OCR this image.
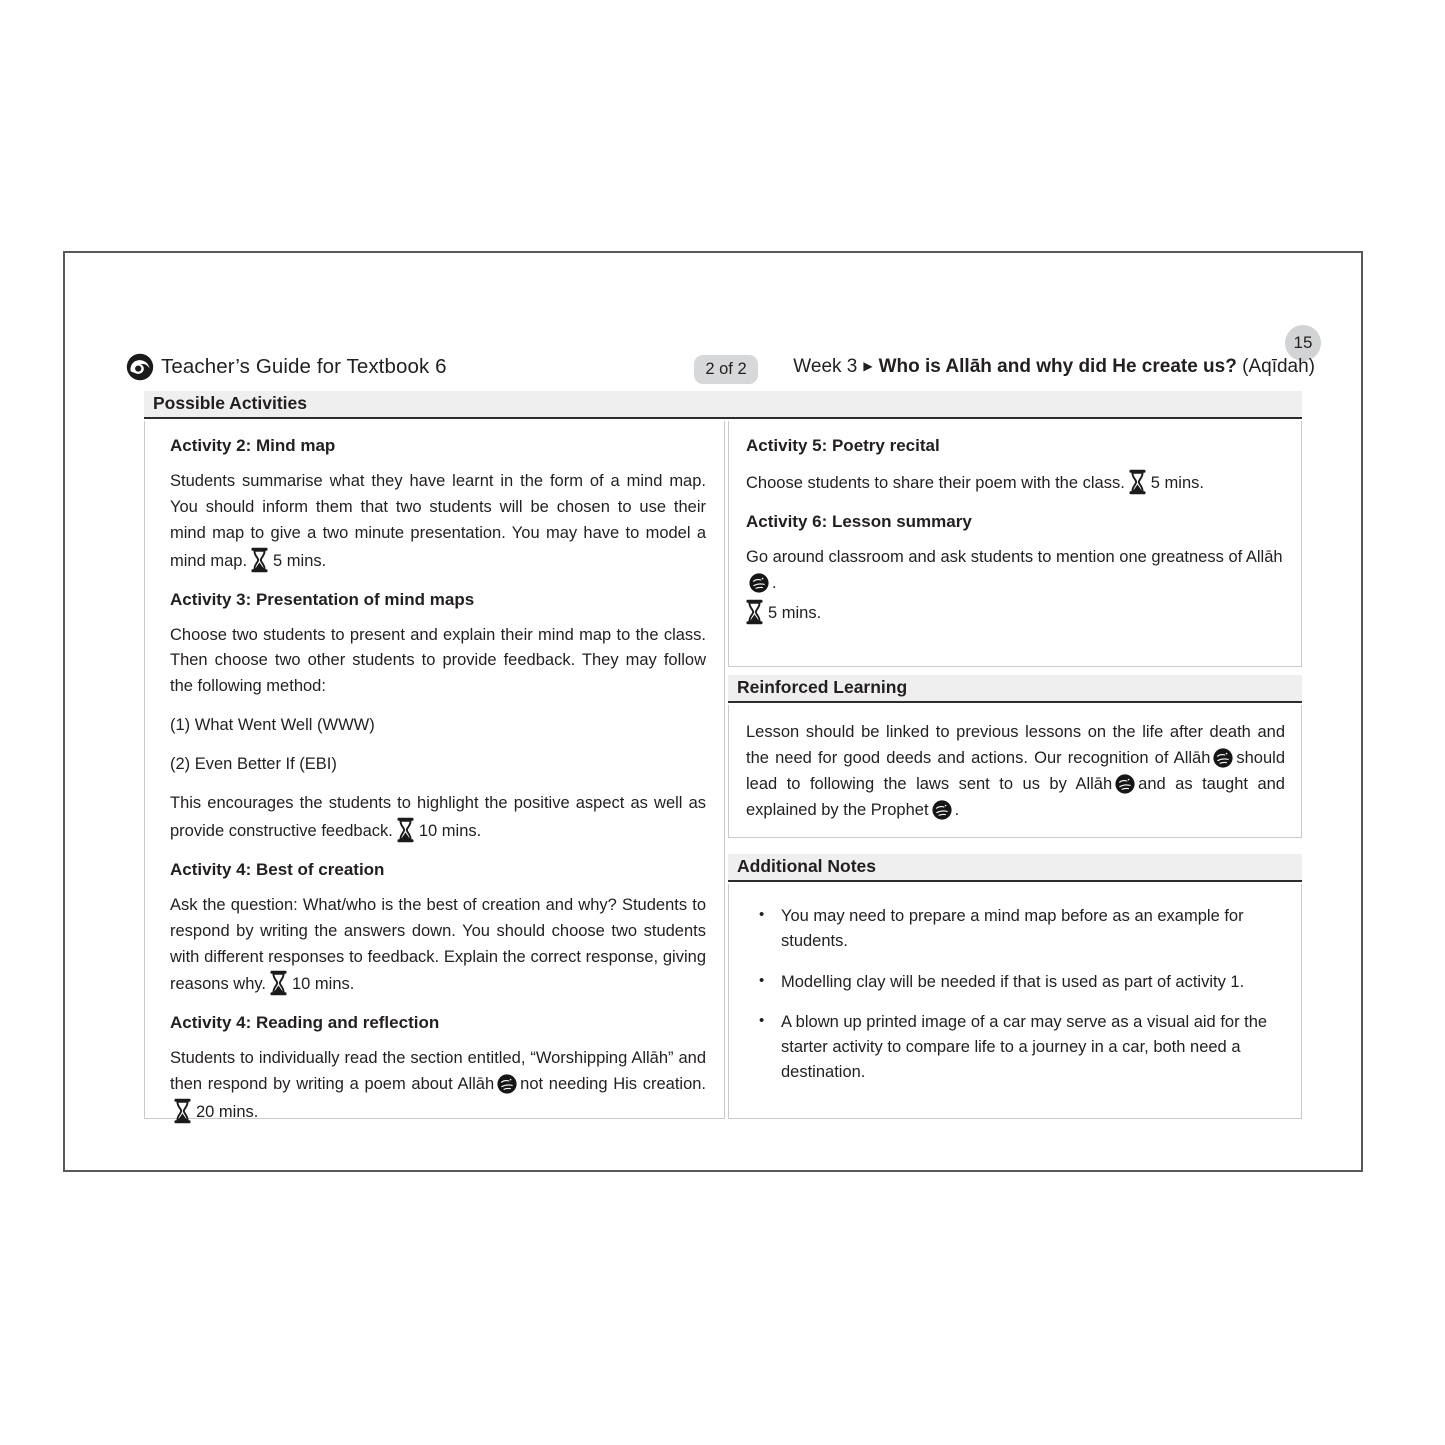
15
Teacher’s Guide for Textbook 6	2 of 2	Week 3 ▶ Who is Allāh and why did He create us? (Aqīdah)
Possible Activities
Activity 2: Mind map

Students summarise what they have learnt in the form of a mind map. You should inform them that two students will be chosen to use their mind map to give a two minute presentation. You may have to model a mind map. 5 mins.

Activity 3: Presentation of mind maps

Choose two students to present and explain their mind map to the class. Then choose two other students to provide feedback. They may follow the following method:

(1) What Went Well (WWW)

(2) Even Better If (EBI)

This encourages the students to highlight the positive aspect as well as provide constructive feedback. 10 mins.

Activity 4: Best of creation

Ask the question: What/who is the best of creation and why? Students to respond by writing the answers down. You should choose two students with different responses to feedback. Explain the correct response, giving reasons why. 10 mins.

Activity 4: Reading and reflection

Students to individually read the section entitled, “Worshipping Allāh” and then respond by writing a poem about Allāh not needing His creation.20 mins.

Activity 5: Poetry recital

Choose students to share their poem with the class. 5 mins.

Activity 6: Lesson summary

Go around classroom and ask students to mention one greatness of Allāh.

5 mins.

Reinforced Learning

Lesson should be linked to previous lessons on the life after death and the need for good deeds and actions. Our recognition of Allāh should lead to following the laws sent to us by Allāh and as taught and explained by the Prophet .

Additional Notes
•	You may need to prepare a mind map before as an example for students.
•	Modelling clay will be needed if that is used as part of activity 1.
•	A blown up printed image of a car may serve as a visual aid for the starter activity to compare life to a journey in a car, both need a destination.
